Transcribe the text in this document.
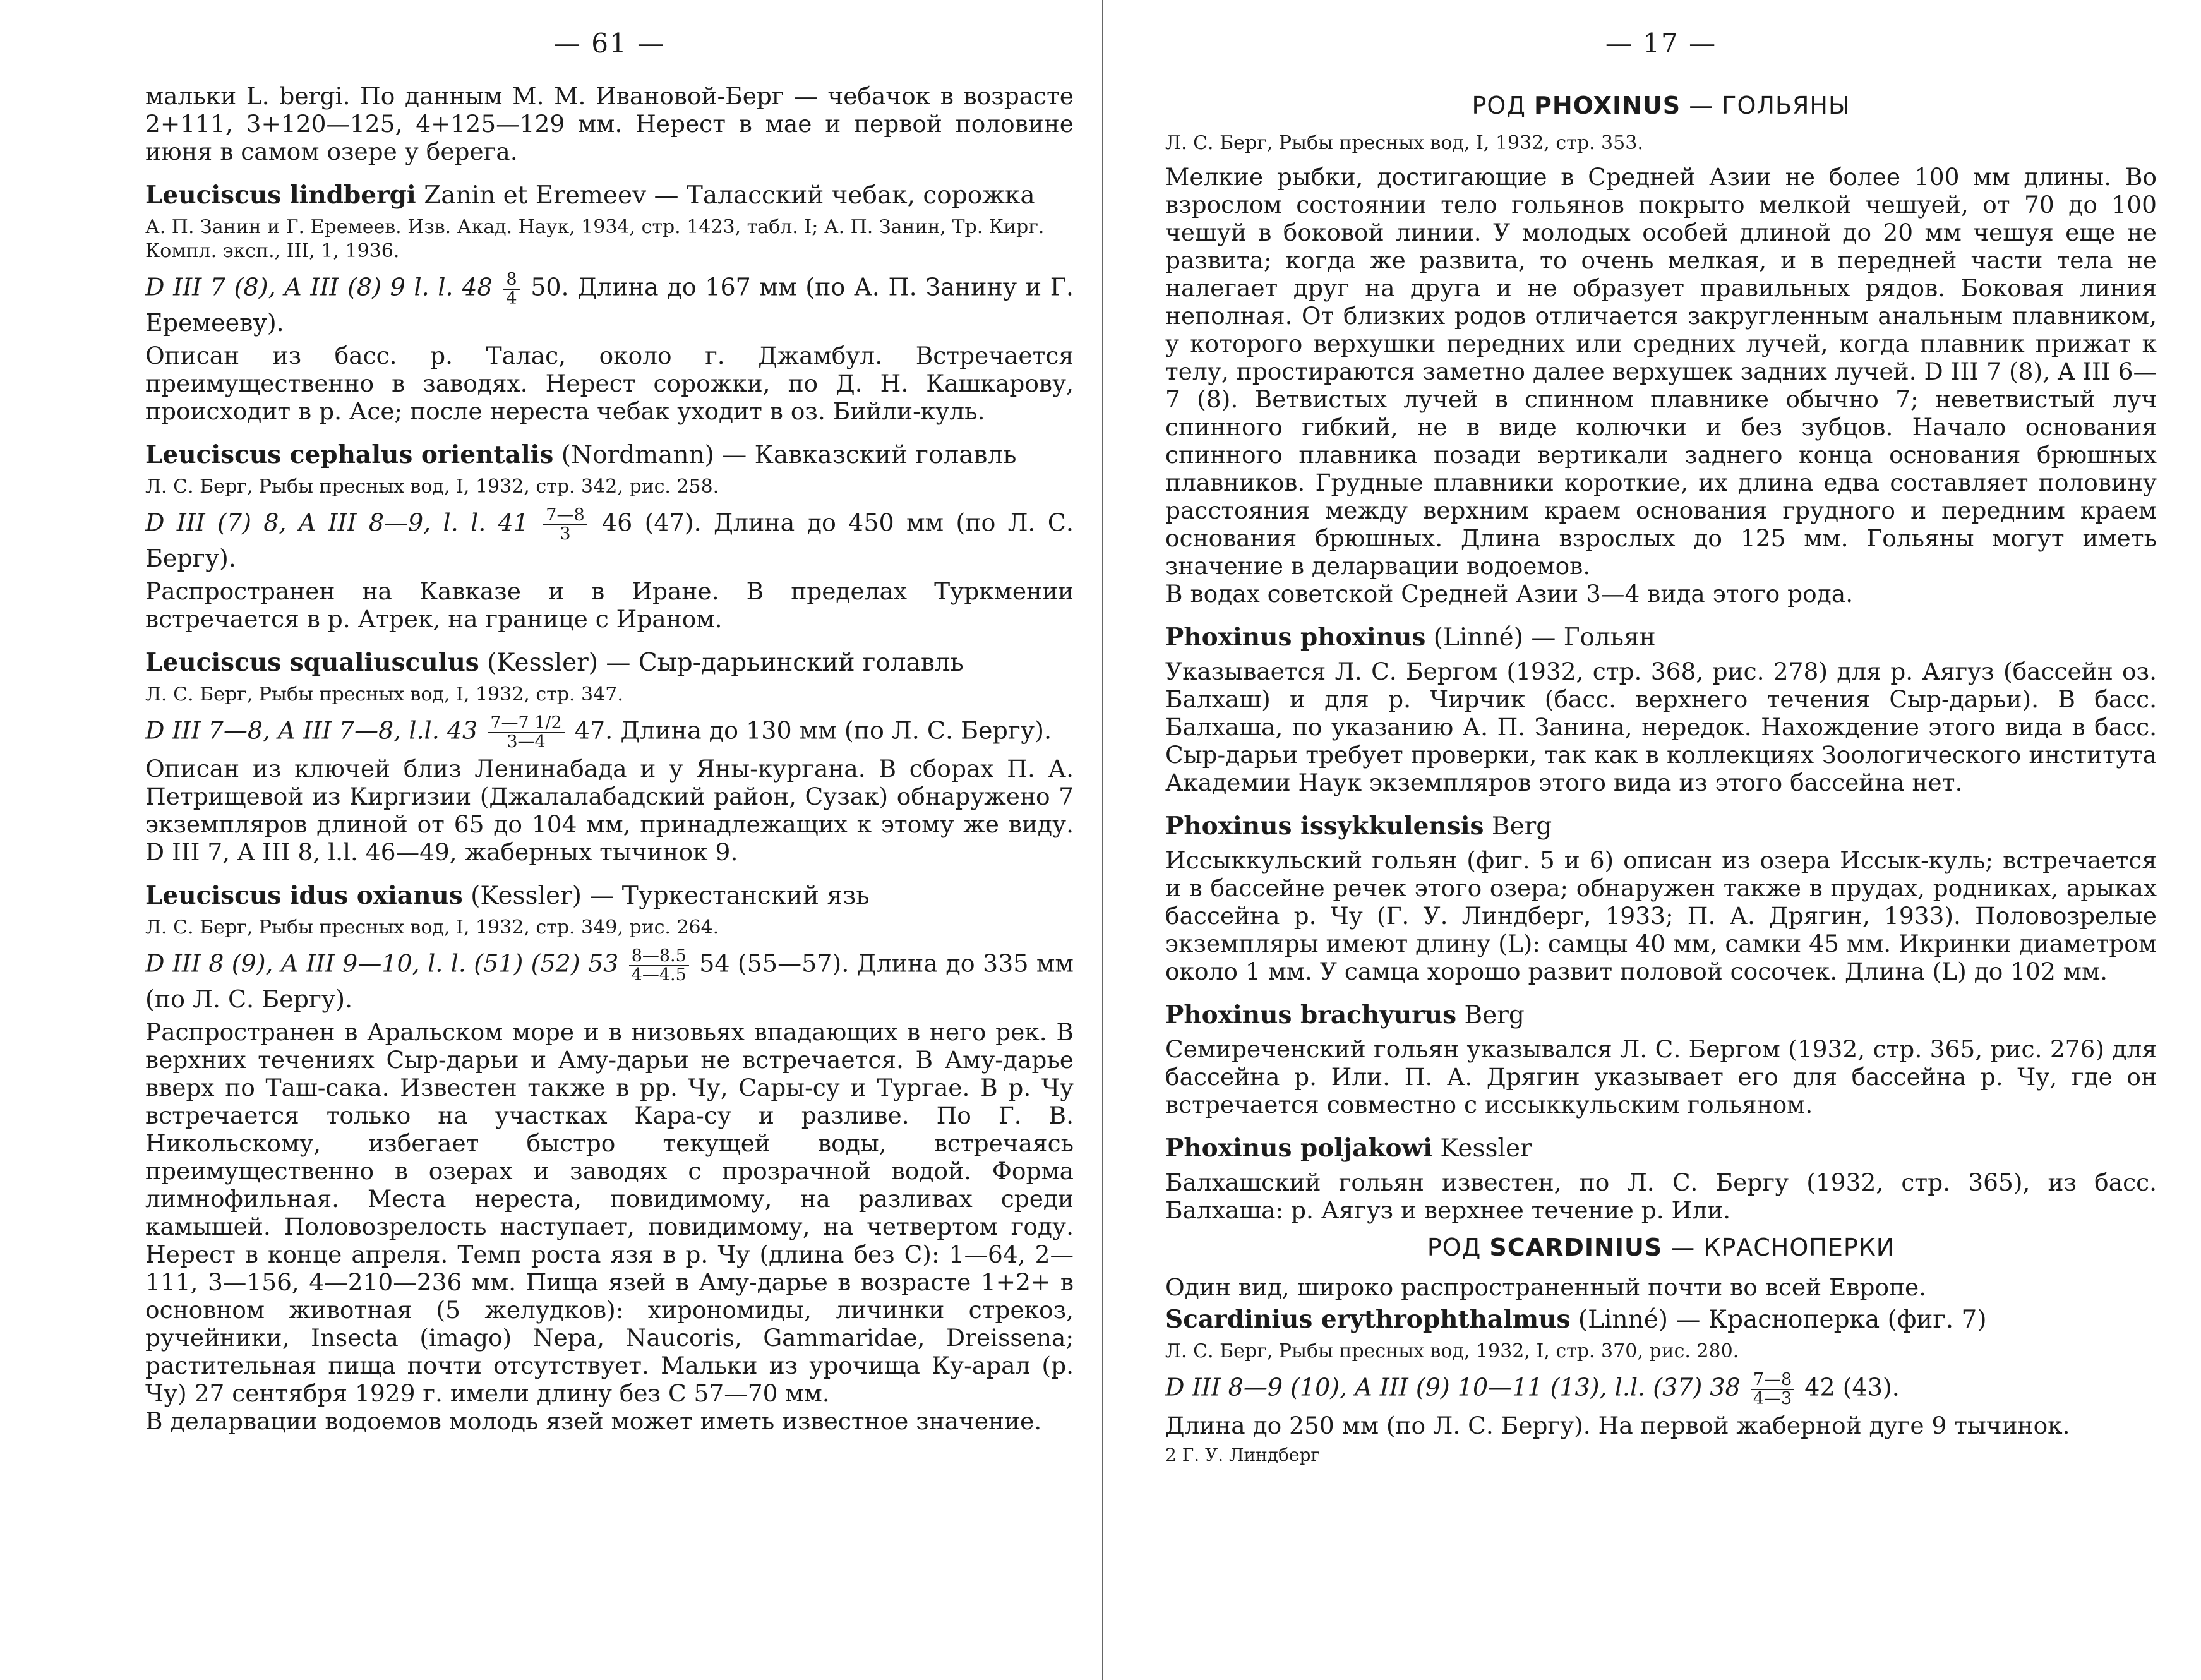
— 61 —

мальки L. bergi. По данным М. М. Ивановой-Берг — чебачок в возрасте 2+111, 3+120—125, 4+125—129 мм. Нерест в мае и первой половине июня в самом озере у берега.

Leuciscus lindbergi Zanin et Eremeev — Таласский чебак, сорожка
А. П. Занин и Г. Еремеев. Изв. Акад. Наук, 1934, стр. 1423, табл. I; А. П. Занин, Тр. Кирг. Компл. эксп., III, 1, 1936.
D III 7 (8), A III (8) 9 l. l. $48 \frac{8}{4} 50$. Длина до 167 мм (по А. П. Занину и Г. Еремееву).

Описан из басс. р. Талас, около г. Джамбул. Встречается преимущественно в заводях. Нерест сорожки, по Д. Н. Кашкарову, происходит в р. Асе; после нереста чебак уходит в оз. Бийли-куль.

Leuciscus cephalus orientalis (Nordmann) — Кавказский голавль
Л. С. Берг, Рыбы пресных вод, I, 1932, стр. 342, рис. 258.
D III (7) 8, A III 8—9, l. l. $41 \frac{7—8}{3} 46$ (47). Длина до 450 мм (по Л. С. Бергу).

Распространен на Кавказе и в Иране. В пределах Туркмении встречается в р. Атрек, на границе с Ираном.

Leuciscus squaliusculus (Kessler) — Сыр-дарьинский голавль
Л. С. Берг, Рыбы пресных вод, I, 1932, стр. 347.
D III 7—8, A III 7—8, l.l. $43 \frac{7—7 1/2}{3—4} 47$. Длина до 130 мм (по Л. С. Бергу).

Описан из ключей близ Ленинабада и у Яны-кургана. В сборах П. А. Петрищевой из Киргизии (Джалалабадский район, Сузак) обнаружено 7 экземпляров длиной от 65 до 104 мм, принадлежащих к этому же виду. D III 7, A III 8, l.l. 46—49, жаберных тычинок 9.

Leuciscus idus oxianus (Kessler) — Туркестанский язь
Л. С. Берг, Рыбы пресных вод, I, 1932, стр. 349, рис. 264.
D III 8 (9), A III 9—10, l. l. (51) (52) $53 \frac{8—8.5}{4—4.5} 54$ (55—57). Длина до 335 мм (по Л. С. Бергу).

Распространен в Аральском море и в низовьях впадающих в него рек. В верхних течениях Сыр-дарьи и Аму-дарьи не встречается. В Аму-дарье вверх по Таш-сака. Известен также в рр. Чу, Сары-су и Тургае. В р. Чу встречается только на участках Кара-су и разливе. По Г. В. Никольскому, избегает быстро текущей воды, встречаясь преимущественно в озерах и заводях с прозрачной водой. Форма лимнофильная. Места нереста, повидимому, на разливах среди камышей. Половозрелость наступает, повидимому, на четвертом году. Нерест в конце апреля. Темп роста язя в р. Чу (длина без C): 1—64, 2—111, 3—156, 4—210—236 мм. Пища язей в Аму-дарье в возрасте 1+2+ в основном животная (5 желудков): хирономиды, личинки стрекоз, ручейники, Insecta (imago) Nepa, Naucoris, Gammaridae, Dreissena; растительная пища почти отсутствует. Мальки из урочища Ку-арал (р. Чу) 27 сентября 1929 г. имели длину без C 57—70 мм.

В деларвации водоемов молодь язей может иметь известное значение.

— 17 —
РОД PHOXINUS — ГОЛЬЯНЫ
Л. С. Берг, Рыбы пресных вод, I, 1932, стр. 353.

Мелкие рыбки, достигающие в Средней Азии не более 100 мм длины. Во взрослом состоянии тело гольянов покрыто мелкой чешуей, от 70 до 100 чешуй в боковой линии. У молодых особей длиной до 20 мм чешуя еще не развита; когда же развита, то очень мелкая, и в передней части тела не налегает друг на друга и не образует правильных рядов. Боковая линия неполная. От близких родов отличается закругленным анальным плавником, у которого верхушки передних или средних лучей, когда плавник прижат к телу, простираются заметно далее верхушек задних лучей. D III 7 (8), A III 6—7 (8). Ветвистых лучей в спинном плавнике обычно 7; неветвистый луч спинного гибкий, не в виде колючки и без зубцов. Начало основания спинного плавника позади вертикали заднего конца основания брюшных плавников. Грудные плавники короткие, их длина едва составляет половину расстояния между верхним краем основания грудного и передним краем основания брюшных. Длина взрослых до 125 мм. Гольяны могут иметь значение в деларвации водоемов.

В водах советской Средней Азии 3—4 вида этого рода.

Phoxinus phoxinus (Linné) — Гольян

Указывается Л. С. Бергом (1932, стр. 368, рис. 278) для р. Аягуз (бассейн оз. Балхаш) и для р. Чирчик (басс. верхнего течения Сыр-дарьи). В басс. Балхаша, по указанию А. П. Занина, нередок. Нахождение этого вида в басс. Сыр-дарьи требует проверки, так как в коллекциях Зоологического института Академии Наук экземпляров этого вида из этого бассейна нет.

Phoxinus issykkulensis Berg

Иссыккульский гольян (фиг. 5 и 6) описан из озера Иссык-куль; встречается и в бассейне речек этого озера; обнаружен также в прудах, родниках, арыках бассейна р. Чу (Г. У. Линдберг, 1933; П. А. Дрягин, 1933). Половозрелые экземпляры имеют длину (L): самцы 40 мм, самки 45 мм. Икринки диаметром около 1 мм. У самца хорошо развит половой сосочек. Длина (L) до 102 мм.

Phoxinus brachyurus Berg

Семиреченский гольян указывался Л. С. Бергом (1932, стр. 365, рис. 276) для бассейна р. Или. П. А. Дрягин указывает его для бассейна р. Чу, где он встречается совместно с иссыккульским гольяном.

Phoxinus poljakowi Kessler

Балхашский гольян известен, по Л. С. Бергу (1932, стр. 365), из басс. Балхаша: р. Аягуз и верхнее течение р. Или.

РОД SCARDINIUS — КРАСНОПЕРКИ

Один вид, широко распространенный почти во всей Европе.

Scardinius erythrophthalmus (Linné) — Красноперка (фиг. 7)
Л. С. Берг, Рыбы пресных вод, 1932, I, стр. 370, рис. 280.
D III 8—9 (10), A III (9) 10—11 (13), l.l. (37) $38 \frac{7—8}{4—3} 42$ (43).

Длина до 250 мм (по Л. С. Бергу). На первой жаберной дуге 9 тычинок.

2 Г. У. Линдберг
